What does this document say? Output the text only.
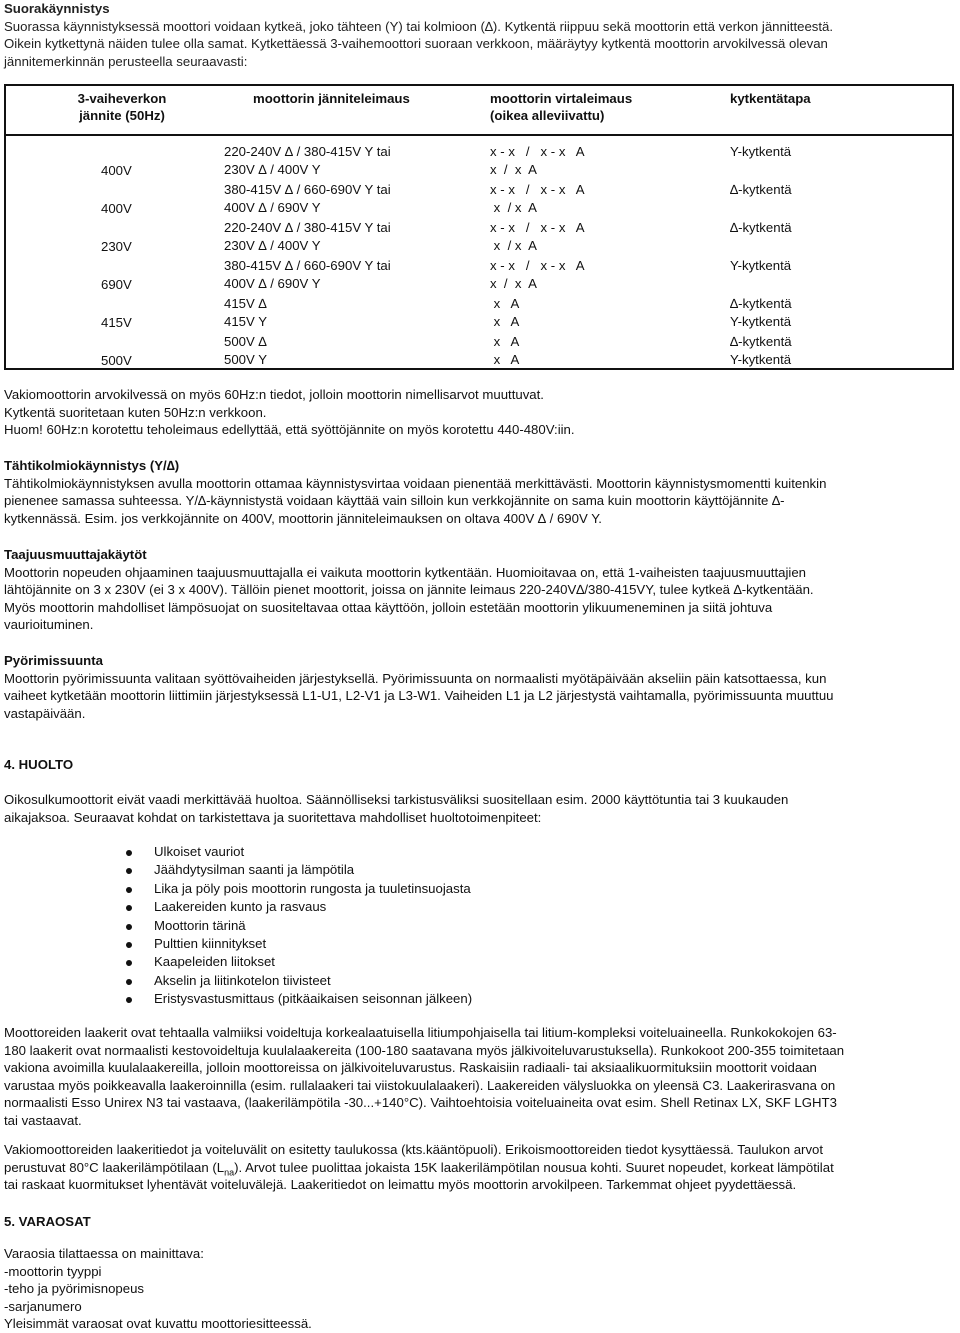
Suorakäynnistys

Suorassa käynnistyksessä moottori voidaan kytkeä, joko tähteen (Y) tai kolmioon (∆). Kytkentä riippuu sekä moottorin että verkon jännitteestä.

Oikein kytkettynä näiden tulee olla samat. Kytkettäessä 3-vaihemoottori suoraan verkkoon, määräytyy kytkentä moottorin arvokilvessä olevan

jännitemerkinnän perusteella seuraavasti:

3-vaiheverkon
jännite (50Hz)
moottorin jänniteleimaus	moottorin virtaleimaus
(oikea alleviivattu)
kytkentätapa
400V
400V
230V
690V
415V
500V
220-240V ∆ / 380-415V Y tai
230V ∆ / 400V Y
380-415V ∆ / 660-690V Y tai
400V ∆ / 690V Y
220-240V ∆ / 380-415V Y tai
230V ∆ / 400V Y
380-415V ∆ / 660-690V Y tai
400V ∆ / 690V Y
415V ∆
415V Y
500V ∆
500V Y
x - x   /   x - x   A
x  /  x  A
x - x   /   x - x   A
x  / x  A
x - x   /   x - x   A
x  / x  A
x - x   /   x - x   A
x  /  x  A
x   A
x   A
x   A
x   A
Y-kytkentä
∆-kytkentä
∆-kytkentä
Y-kytkentä
∆-kytkentä
Y-kytkentä
∆-kytkentä
Y-kytkentä

Vakiomoottorin arvokilvessä on myös 60Hz:n tiedot, jolloin moottorin nimellisarvot muuttuvat.

Kytkentä suoritetaan kuten 50Hz:n verkkoon.

Huom! 60Hz:n korotettu teholeimaus edellyttää, että syöttöjännite on myös korotettu 440-480V:iin.

Tähtikolmiokäynnistys (Y/∆)

Tähtikolmiokäynnistyksen avulla moottorin ottamaa käynnistysvirtaa voidaan pienentää merkittävästi. Moottorin käynnistysmomentti kuitenkin

pienenee samassa suhteessa. Y/∆-käynnistystä voidaan käyttää vain silloin kun verkkojännite on sama kuin moottorin käyttöjännite ∆-

kytkennässä. Esim. jos verkkojännite on 400V, moottorin jänniteleimauksen on oltava 400V ∆ / 690V Y.

Taajuusmuuttajakäytöt

Moottorin nopeuden ohjaaminen taajuusmuuttajalla ei vaikuta moottorin kytkentään. Huomioitavaa on, että 1-vaiheisten taajuusmuuttajien

lähtöjännite on 3 x 230V (ei 3 x 400V). Tällöin pienet moottorit, joissa on jännite leimaus 220-240V∆/380-415VY, tulee kytkeä ∆-kytkentään.

Myös moottorin mahdolliset lämpösuojat on suositeltavaa ottaa käyttöön, jolloin estetään moottorin ylikuumeneminen ja siitä johtuva

vaurioituminen.

Pyörimissuunta

Moottorin pyörimissuunta valitaan syöttövaiheiden järjestyksellä. Pyörimissuunta on normaalisti myötäpäivään akseliin päin katsottaessa, kun

vaiheet kytketään moottorin liittimiin järjestyksessä L1-U1, L2-V1 ja L3-W1. Vaiheiden L1 ja L2 järjestystä vaihtamalla, pyörimissuunta muuttuu

vastapäivään.

4. HUOLTO

Oikosulkumoottorit eivät vaadi merkittävää huoltoa. Säännölliseksi tarkistusväliksi suositellaan esim. 2000 käyttötuntia tai 3 kuukauden

aikajaksoa. Seuraavat kohdat on tarkistettava ja suoritettava mahdolliset huoltotoimenpiteet:

Ulkoiset vauriot
Jäähdytysilman saanti ja lämpötila
Lika ja pöly pois moottorin rungosta ja tuuletinsuojasta
Laakereiden kunto ja rasvaus
Moottorin tärinä
Pulttien kiinnitykset
Kaapeleiden liitokset
Akselin ja liitinkotelon tiivisteet
Eristysvastusmittaus (pitkäaikaisen seisonnan jälkeen)

Moottoreiden laakerit ovat tehtaalla valmiiksi voideltuja korkealaatuisella litiumpohjaisella tai litium-kompleksi voiteluaineella. Runkokokojen 63-

180 laakerit ovat normaalisti kestovoideltuja kuulalaakereita (100-180 saatavana myös jälkivoiteluvarustuksella). Runkokoot 200-355 toimitetaan

vakiona avoimilla kuulalaakereilla, jolloin moottoreissa on jälkivoiteluvarustus. Raskaisiin radiaali- tai aksiaalikuormituksiin moottorit voidaan

varustaa myös poikkeavalla laakeroinnilla (esim. rullalaakeri tai viistokuulalaakeri). Laakereiden välysluokka on yleensä C3. Laakerirasvana on

normaalisti Esso Unirex N3 tai vastaava, (laakerilämpötila -30...+140°C). Vaihtoehtoisia voiteluaineita ovat esim. Shell Retinax LX, SKF LGHT3

tai vastaavat.

Vakiomoottoreiden laakeritiedot ja voiteluvälit on esitetty taulukossa (kts.kääntöpuoli). Erikoismoottoreiden tiedot kysyttäessä. Taulukon arvot

perustuvat 80°C laakerilämpötilaan $(L_{na})$. Arvot tulee puolittaa jokaista 15K laakerilämpötilan nousua kohti. Suuret nopeudet, korkeat lämpötilat

tai raskaat kuormitukset lyhentävät voiteluvälejä. Laakeritiedot on leimattu myös moottorin arvokilpeen. Tarkemmat ohjeet pyydettäessä.

5. VARAOSAT

Varaosia tilattaessa on mainittava:

-moottorin tyyppi

-teho ja pyörimisnopeus

-sarjanumero

Yleisimmät varaosat ovat kuvattu moottoriesitteessä.
